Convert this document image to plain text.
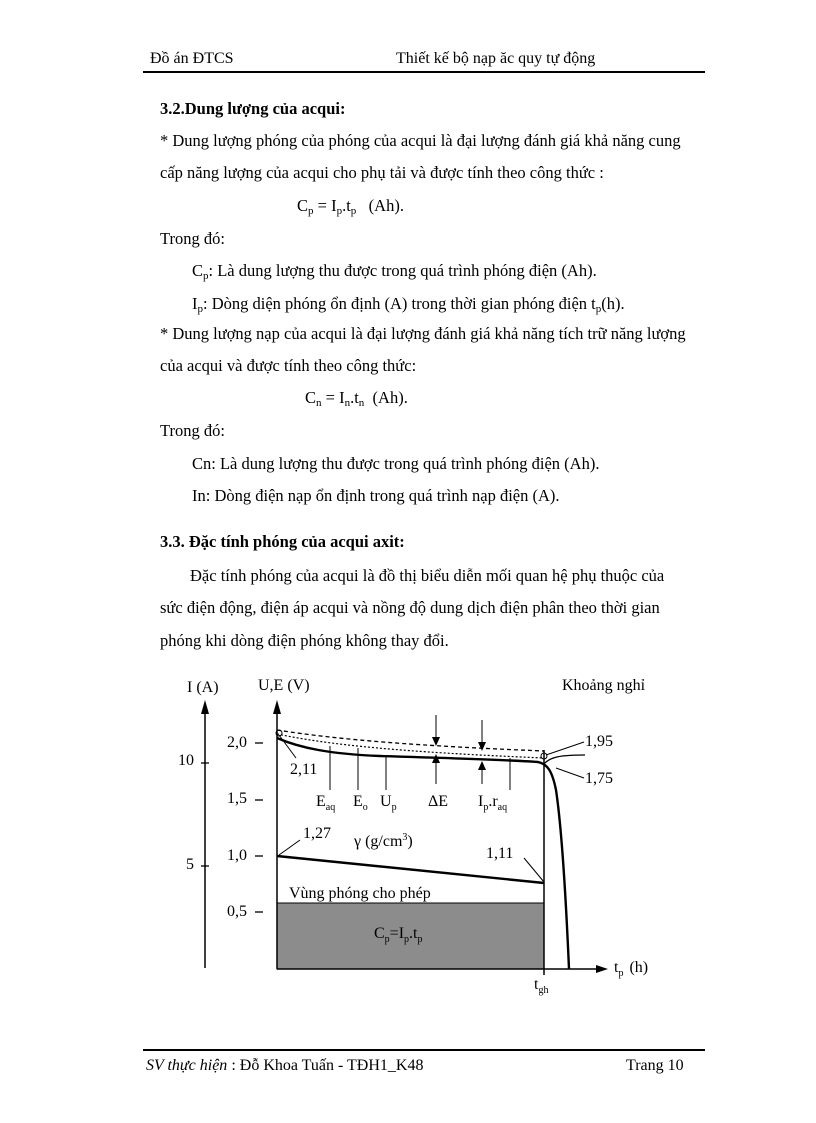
Đồ án ĐTCS	Thiết kế bộ nạp ăc quy tự động
3.2.Dung lượng của acqui:
* Dung lượng phóng của phóng của acqui là đại lượng đánh giá khả năng cung
cấp năng lượng của acqui cho phụ tải và được tính theo công thức :
$C_p = I_p.t_p$ (Ah).
Trong đó:
$C_p$: Là dung lượng thu được trong quá trình phóng điện (Ah).
$I_p$: Dòng diện phóng ổn định (A) trong thời gian phóng điện $t_p(h)$.
* Dung lượng nạp của acqui là đại lượng đánh giá khả năng tích trữ năng lượng
của acqui và được tính theo công thức:
$C_n = I_n.t_n$ (Ah).
Trong đó:
Cn: Là dung lượng thu được trong quá trình phóng điện (Ah).
In: Dòng điện nạp ổn định trong quá trình nạp điện (A).
3.3. Đặc tính phóng của acqui axit:
Đặc tính phóng của acqui là đồ thị biểu diễn mối quan hệ phụ thuộc của
sức điện động, điện áp acqui và nồng độ dung dịch điện phân theo thời gian
phóng khi dòng điện phóng không thay đổi.
I (A) U,E (V)	Khoảng nghỉ
10
5
2,0
1,5
1,0
0,5
2,11
1,95
1,75
1,27
1,11
$E_{aq}$ $E_o$ $U_p$ ΔE $I_p.r_{aq}$
γ $(g/cm^3)$
Vùng phóng cho phép
$C_p=I_p.t_p$
$t_{gh}$
$t_p$ (h)
SV thực hiện : Đỗ Khoa Tuấn - TĐH1_K48	Trang 10
